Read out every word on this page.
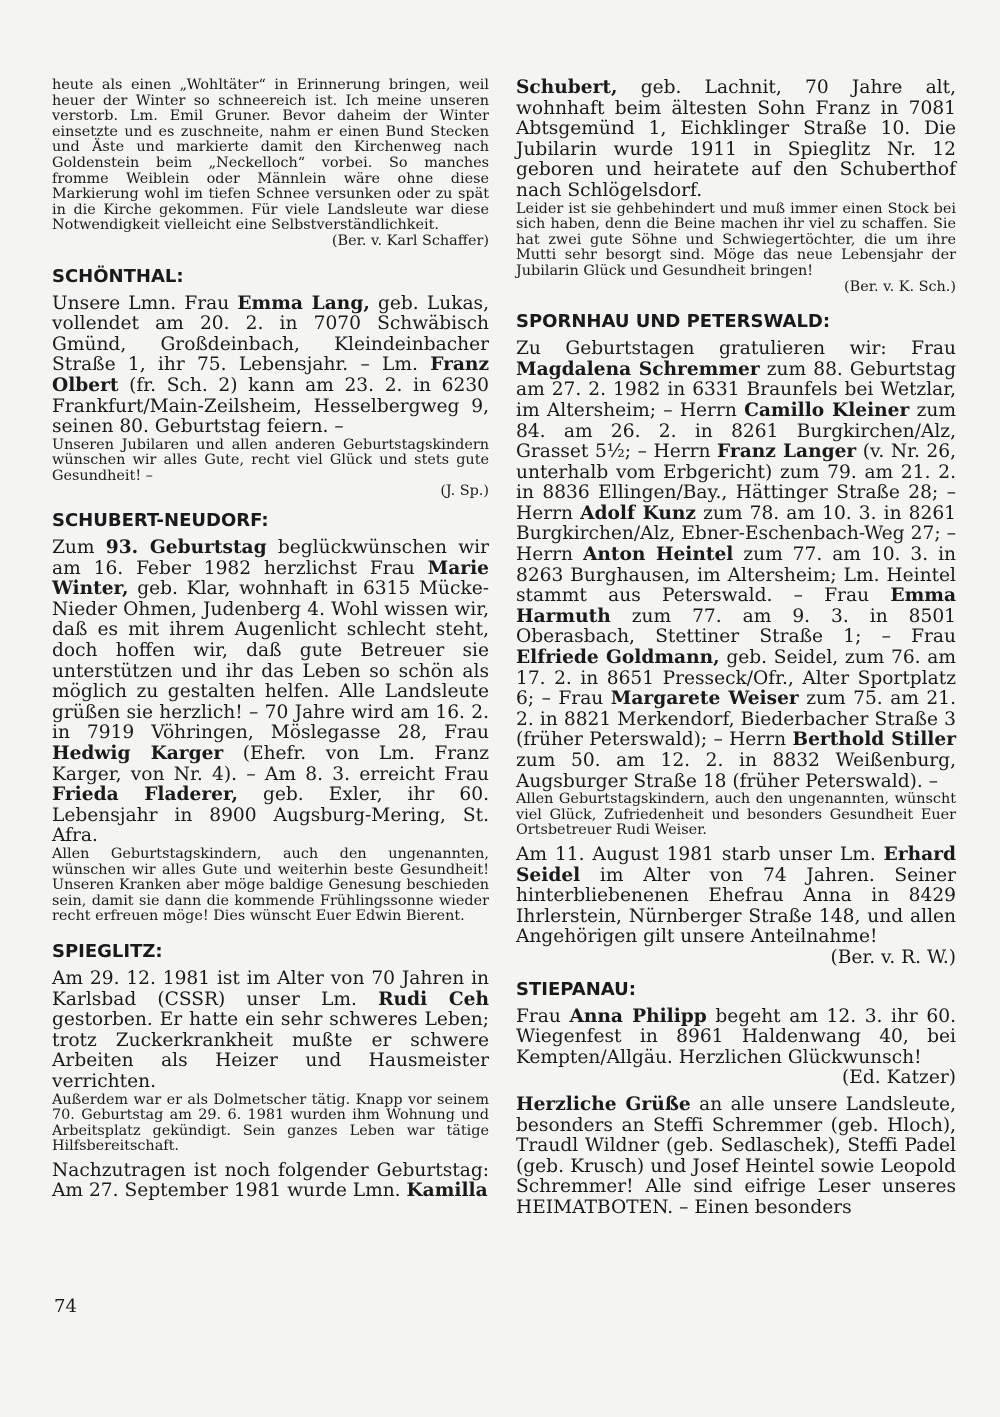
heute als einen „Wohltäter“ in Erinnerung bringen, weil heuer der Winter so schneereich ist. Ich meine unseren verstorb. Lm. Emil Gruner. Bevor daheim der Winter einsetzte und es zuschneite, nahm er einen Bund Stecken und Äste und markierte damit den Kirchenweg nach Goldenstein beim „Neckelloch“ vorbei. So manches fromme Weiblein oder Männlein wäre ohne diese Markierung wohl im tiefen Schnee versunken oder zu spät in die Kirche gekommen. Für viele Landsleute war diese Notwendigkeit vielleicht eine Selbstverständlichkeit.

(Ber. v. Karl Schaffer)

SCHÖNTHAL:

Unsere Lmn. Frau Emma Lang, geb. Lukas, vollendet am 20. 2. in 7070 Schwäbisch Gmünd, Großdeinbach, Kleindeinbacher Straße 1, ihr 75. Lebensjahr. – Lm. Franz Olbert (fr. Sch. 2) kann am 23. 2. in 6230 Frankfurt/Main-Zeilsheim, Hesselbergweg 9, seinen 80. Geburtstag feiern. –

Unseren Jubilaren und allen anderen Geburtstagskindern wünschen wir alles Gute, recht viel Glück und stets gute Gesundheit! –

(J. Sp.)

SCHUBERT-NEUDORF:

Zum 93. Geburtstag beglückwünschen wir am 16. Feber 1982 herzlichst Frau Marie Winter, geb. Klar, wohnhaft in 6315 Mücke-Nieder Ohmen, Judenberg 4. Wohl wissen wir, daß es mit ihrem Augenlicht schlecht steht, doch hoffen wir, daß gute Betreuer sie unterstützen und ihr das Leben so schön als möglich zu gestalten helfen. Alle Landsleute grüßen sie herzlich! – 70 Jahre wird am 16. 2. in 7919 Vöhringen, Möslegasse 28, Frau Hedwig Karger (Ehefr. von Lm. Franz Karger, von Nr. 4). – Am 8. 3. erreicht Frau Frieda Fladerer, geb. Exler, ihr 60. Lebensjahr in 8900 Augsburg-Mering, St. Afra.

Allen Geburtstagskindern, auch den ungenannten, wünschen wir alles Gute und weiterhin beste Gesundheit! Unseren Kranken aber möge baldige Genesung beschieden sein, damit sie dann die kommende Frühlingssonne wieder recht erfreuen möge! Dies wünscht Euer Edwin Bierent.

SPIEGLITZ:

Am 29. 12. 1981 ist im Alter von 70 Jahren in Karlsbad (CSSR) unser Lm. Rudi Ceh gestorben. Er hatte ein sehr schweres Leben; trotz Zuckerkrankheit mußte er schwere Arbeiten als Heizer und Hausmeister verrichten.

Außerdem war er als Dolmetscher tätig. Knapp vor seinem 70. Geburtstag am 29. 6. 1981 wurden ihm Wohnung und Arbeitsplatz gekündigt. Sein ganzes Leben war tätige Hilfsbereitschaft.

Nachzutragen ist noch folgender Geburtstag: Am 27. September 1981 wurde Lmn. Kamilla

Schubert, geb. Lachnit, 70 Jahre alt, wohnhaft beim ältesten Sohn Franz in 7081 Abtsgemünd 1, Eichklinger Straße 10. Die Jubilarin wurde 1911 in Spieglitz Nr. 12 geboren und heiratete auf den Schuberthof nach Schlögelsdorf.

Leider ist sie gehbehindert und muß immer einen Stock bei sich haben, denn die Beine machen ihr viel zu schaffen. Sie hat zwei gute Söhne und Schwiegertöchter, die um ihre Mutti sehr besorgt sind. Möge das neue Lebensjahr der Jubilarin Glück und Gesundheit bringen!

(Ber. v. K. Sch.)

SPORNHAU UND PETERSWALD:

Zu Geburtstagen gratulieren wir: Frau Magdalena Schremmer zum 88. Geburtstag am 27. 2. 1982 in 6331 Braunfels bei Wetzlar, im Altersheim; – Herrn Camillo Kleiner zum 84. am 26. 2. in 8261 Burgkirchen/Alz, Grasset 5½; – Herrn Franz Langer (v. Nr. 26, unterhalb vom Erbgericht) zum 79. am 21. 2. in 8836 Ellingen/Bay., Hättinger Straße 28; – Herrn Adolf Kunz zum 78. am 10. 3. in 8261 Burgkirchen/Alz, Ebner-Eschenbach-Weg 27; – Herrn Anton Heintel zum 77. am 10. 3. in 8263 Burghausen, im Altersheim; Lm. Heintel stammt aus Peterswald. – Frau Emma Harmuth zum 77. am 9. 3. in 8501 Oberasbach, Stettiner Straße 1; – Frau Elfriede Goldmann, geb. Seidel, zum 76. am 17. 2. in 8651 Presseck/Ofr., Alter Sportplatz 6; – Frau Margarete Weiser zum 75. am 21. 2. in 8821 Merkendorf, Biederbacher Straße 3 (früher Peterswald); – Herrn Berthold Stiller zum 50. am 12. 2. in 8832 Weißenburg, Augsburger Straße 18 (früher Peterswald). –

Allen Geburtstagskindern, auch den ungenannten, wünscht viel Glück, Zufriedenheit und besonders Gesundheit Euer Ortsbetreuer Rudi Weiser.

Am 11. August 1981 starb unser Lm. Erhard Seidel im Alter von 74 Jahren. Seiner hinterbliebenenen Ehefrau Anna in 8429 Ihrlerstein, Nürnberger Straße 148, und allen Angehörigen gilt unsere Anteilnahme!

(Ber. v. R. W.)

STIEPANAU:

Frau Anna Philipp begeht am 12. 3. ihr 60. Wiegenfest in 8961 Haldenwang 40, bei Kempten/Allgäu. Herzlichen Glückwunsch!

(Ed. Katzer)

Herzliche Grüße an alle unsere Landsleute, besonders an Steffi Schremmer (geb. Hloch), Traudl Wildner (geb. Sedlaschek), Steffi Padel (geb. Krusch) und Josef Heintel sowie Leopold Schremmer! Alle sind eifrige Leser unseres HEIMATBOTEN. – Einen besonders

74
